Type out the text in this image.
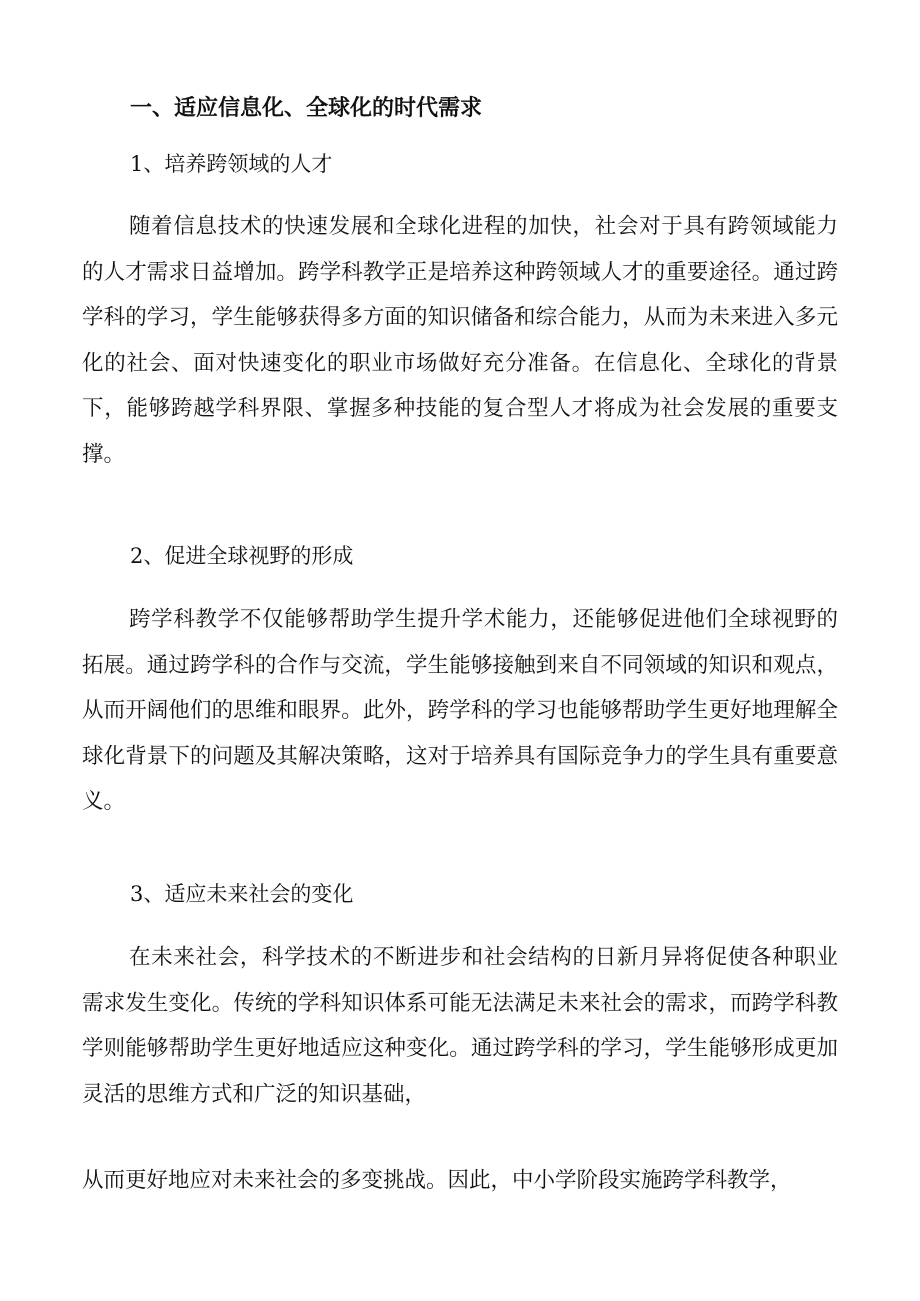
一、适应信息化、全球化的时代需求
1、培养跨领域的人才
随着信息技术的快速发展和全球化进程的加快，社会对于具有跨领域能力的人才需求日益增加。跨学科教学正是培养这种跨领域人才的重要途径。通过跨学科的学习，学生能够获得多方面的知识储备和综合能力，从而为未来进入多元化的社会、面对快速变化的职业市场做好充分准备。在信息化、全球化的背景下，能够跨越学科界限、掌握多种技能的复合型人才将成为社会发展的重要支撑。
2、促进全球视野的形成
跨学科教学不仅能够帮助学生提升学术能力，还能够促进他们全球视野的拓展。通过跨学科的合作与交流，学生能够接触到来自不同领域的知识和观点，从而开阔他们的思维和眼界。此外，跨学科的学习也能够帮助学生更好地理解全球化背景下的问题及其解决策略，这对于培养具有国际竞争力的学生具有重要意义。
3、适应未来社会的变化
在未来社会，科学技术的不断进步和社会结构的日新月异将促使各种职业需求发生变化。传统的学科知识体系可能无法满足未来社会的需求，而跨学科教学则能够帮助学生更好地适应这种变化。通过跨学科的学习，学生能够形成更加灵活的思维方式和广泛的知识基础，
从而更好地应对未来社会的多变挑战。因此，中小学阶段实施跨学科教学，
